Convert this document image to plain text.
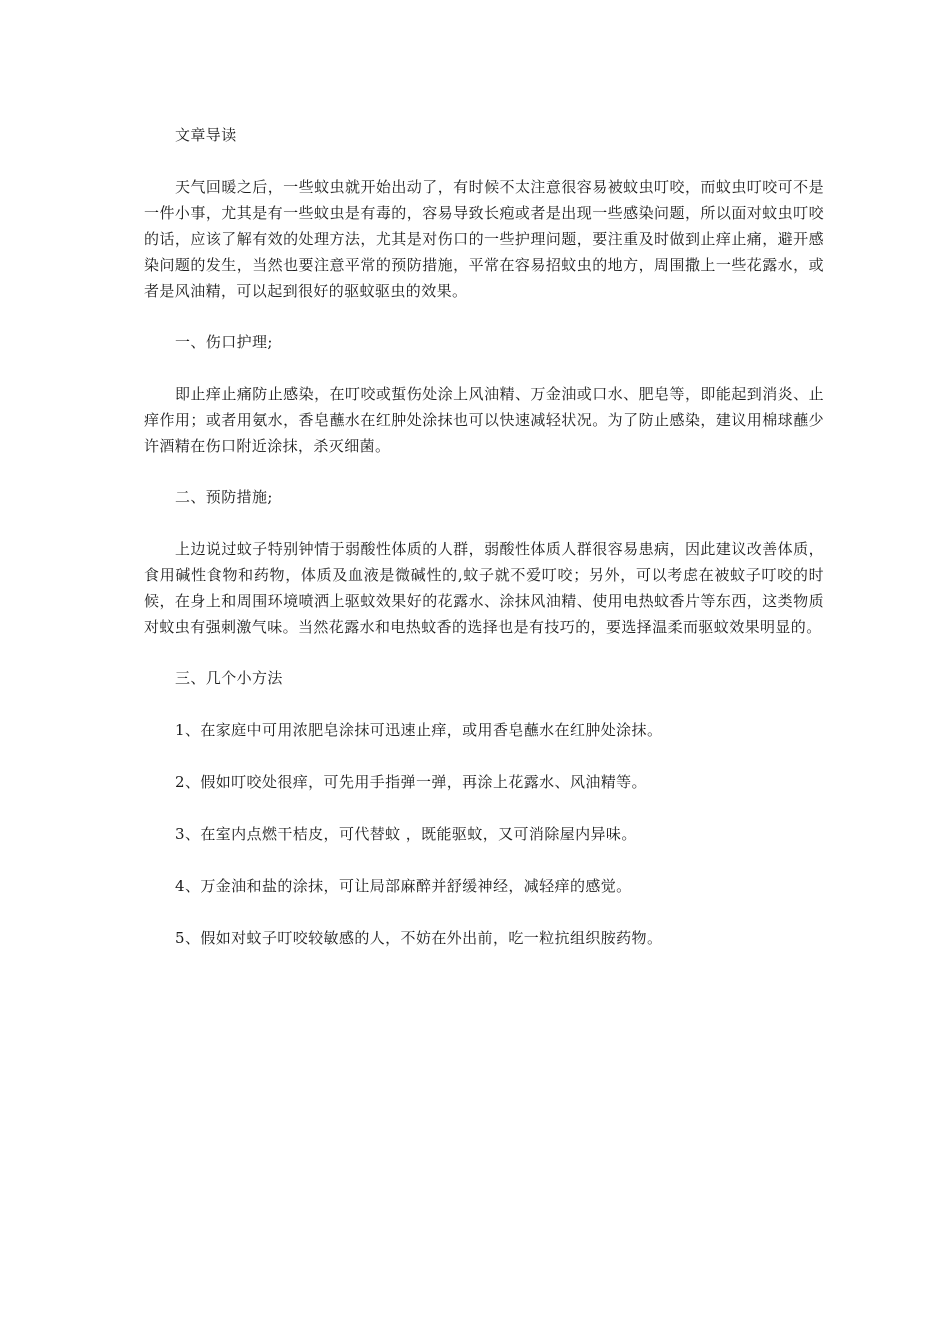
文章导读

天气回暖之后，一些蚊虫就开始出动了，有时候不太注意很容易被蚊虫叮咬，而蚊虫叮咬可不是一件小事，尤其是有一些蚊虫是有毒的，容易导致长疱或者是出现一些感染问题，所以面对蚊虫叮咬的话，应该了解有效的处理方法，尤其是对伤口的一些护理问题，要注重及时做到止痒止痛，避开感染问题的发生，当然也要注意平常的预防措施，平常在容易招蚊虫的地方，周围撒上一些花露水，或者是风油精，可以起到很好的驱蚊驱虫的效果。

一、伤口护理;

即止痒止痛防止感染，在叮咬或蜇伤处涂上风油精、万金油或口水、肥皂等，即能起到消炎、止痒作用；或者用氨水，香皂蘸水在红肿处涂抹也可以快速减轻状况。为了防止感染，建议用棉球蘸少许酒精在伤口附近涂抹，杀灭细菌。

二、预防措施;

上边说过蚊子特别钟情于弱酸性体质的人群，弱酸性体质人群很容易患病，因此建议改善体质，食用碱性食物和药物，体质及血液是微碱性的,蚊子就不爱叮咬；另外，可以考虑在被蚊子叮咬的时候，在身上和周围环境喷洒上驱蚊效果好的花露水、涂抹风油精、使用电热蚊香片等东西，这类物质对蚊虫有强刺激气味。当然花露水和电热蚊香的选择也是有技巧的，要选择温柔而驱蚊效果明显的。

三、几个小方法

1、在家庭中可用浓肥皂涂抹可迅速止痒，或用香皂蘸水在红肿处涂抹。

2、假如叮咬处很痒，可先用手指弹一弹，再涂上花露水、风油精等。

3、在室内点燃干桔皮，可代替蚊 ，既能驱蚊，又可消除屋内异味。

4、万金油和盐的涂抹，可让局部麻醉并舒缓神经，减轻痒的感觉。

5、假如对蚊子叮咬较敏感的人，不妨在外出前，吃一粒抗组织胺药物。
